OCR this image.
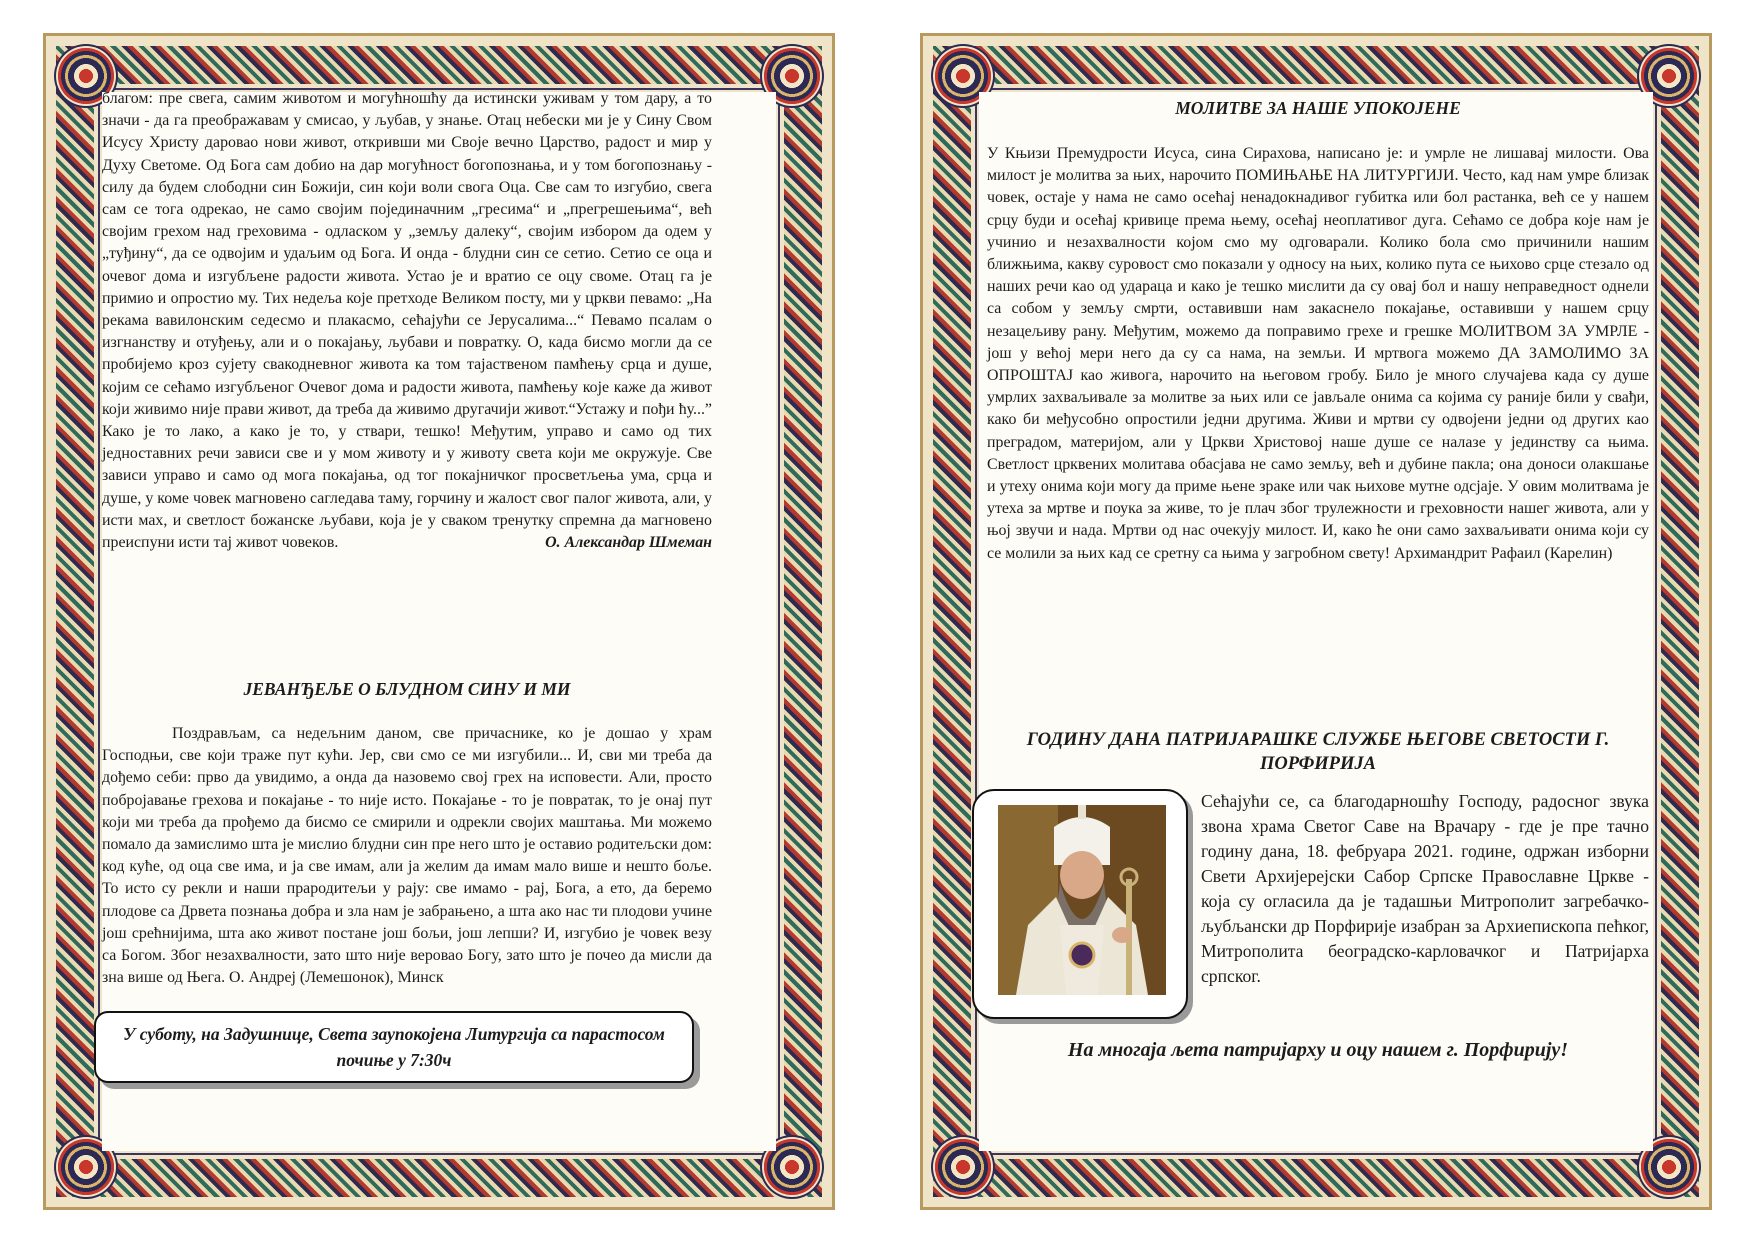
благом: пре свега, самим животом и могућношћу да истински уживам у том дару, а то значи - да га преображавам у смисао, у љубав, у знање. Отац небески ми је у Сину Свом Исусу Христу даровао нови живот, откривши ми Своје вечно Царство, радост и мир у Духу Светоме. Од Бога сам добио на дар могућност богопознања, и у том богопознању - силу да будем слободни син Божији, син који воли свога Оца. Све сам то изгубио, свега сам се тога одрекао, не само својим појединачним „гресима“ и „прегрешењима“, већ својим грехом над греховима - одласком у „земљу далеку“, својим избором да одем у „туђину“, да се одвојим и удаљим од Бога. И онда - блудни син се сетио. Сетио се оца и очевог дома и изгубљене радости живота. Устао је и вратио се оцу своме. Отац га је примио и опростио му. Тих недеља које претходе Великом посту, ми у цркви певамо: „На рекама вавилонским седесмо и плакасмо, сећајући се Јерусалима...“ Певамо псалам о изгнанству и отуђењу, али и о покајању, љубави и повратку. О, када бисмо могли да се пробијемо кроз сујету свакодневног живота ка том тајаственом памћењу срца и душе, којим се сећамо изгубљеног Очевог дома и радости живота, памћењу које каже да живот који живимо није прави живот, да треба да живимо другачији живот.“Устажу и пођи ћу...” Како је то лако, а како је то, у ствари, тешко! Међутим, управо и само од тих једноставних речи зависи све и у мом животу и у животу света који ме окружује. Све зависи управо и само од мога покајања, од тог покајничког просветљења ума, срца и душе, у коме човек магновено сагледава таму, горчину и жалост свог палог живота, али, у исти мах, и светлост божанске љубави, која је у сваком тренутку спремна да магновено преиспуни исти тај живот човеков.	О. Александар Шмеман
ЈЕВАНЂЕЉЕ О БЛУДНОМ СИНУ И МИ
Поздрављам, са недељним даном, све причаснике, ко је дошао у храм Господњи, све који траже пут кући. Јер, сви смо се ми изгубили... И, сви ми треба да дођемо себи: прво да увидимо, а онда да назовемо свој грех на исповести. Али, просто побројавање грехова и покајање - то није исто. Покајање - то је повратак, то је онај пут који ми треба да прођемо да бисмо се смирили и одрекли својих маштања. Ми можемо помало да замислимо шта је мислио блудни син пре него што је оставио родитељски дом: код куће, од оца све има, и ја све имам, али ја желим да имам мало више и нешто боље. То исто су рекли и наши прародитељи у рају: све имамо - рај, Бога, а ето, да беремо плодове са Дрвета познања добра и зла нам је забрањено, а шта ако нас ти плодови учине још срећнијима, шта ако живот постане још бољи, још лепши? И, изгубио је човек везу са Богом. Због незахвалности, зато што није веровао Богу, зато што је почео да мисли да зна више од Њега. О. Андреј (Лемешонок), Минск
У суботу, на Задушнице, Света заупокојена Литургија са парастосом почиње у 7:30ч
МОЛИТВЕ ЗА НАШЕ УПОКОЈЕНЕ
У Књизи Премудрости Исуса, сина Сирахова, написано је: и умрле не лишавај милости. Ова милост је молитва за њих, нарочито ПОМИЊАЊЕ НА ЛИТУРГИЈИ. Често, кад нам умре близак човек, остаје у нама не само осећај ненадокнадивог губитка или бол растанка, већ се у нашем срцу буди и осећај кривице према њему, осећај неоплативог дуга. Сећамо се добра које нам је учинио и незахвалности којом смо му одговарали. Колико бола смо причинили нашим ближњима, какву суровост смо показали у односу на њих, колико пута се њихово срце стезало од наших речи као од удараца и како је тешко мислити да су овај бол и нашу неправедност однели са собом у земљу смрти, оставивши нам закаснело покајање, оставивши у нашем срцу незацељиву рану. Међутим, можемо да поправимо грехе и грешке МОЛИТВОМ ЗА УМРЛЕ - још у већој мери него да су са нама, на земљи. И мртвога можемо ДА ЗАМОЛИМО ЗА ОПРОШТАЈ као живога, нарочито на његовом гробу. Било је много случајева када су душе умрлих захваљивале за молитве за њих или се јављале онима са којима су раније били у свађи, како би међусобно опростили једни другима. Живи и мртви су одвојени једни од других као преградом, материјом, али у Цркви Христовој наше душе се налазе у јединству са њима. Светлост црквених молитава обасјава не само земљу, већ и дубине пакла; она доноси олакшање и утеху онима који могу да приме њене зраке или чак њихове мутне одсјаје. У овим молитвама је утеха за мртве и поука за живе, то је плач због трулежности и греховности нашег живота, али у њој звучи и нада. Мртви од нас очекују милост. И, како ће они само захваљивати онима који су се молили за њих кад се сретну са њима у загробном свету! Архимандрит Рафаил (Карелин)
ГОДИНУ ДАНА ПАТРИЈАРАШКЕ СЛУЖБЕ ЊЕГОВЕ СВЕТОСТИ Г. ПОРФИРИЈА
Сећајући се, са благодарношћу Господу, радосног звука звона храма Светог Саве на Врачару - где је пре тачно годину дана, 18. фебруара 2021. године, одржан изборни Свети Архијерејски Сабор Српске Православне Цркве - која су огласила да је тадашњи Митрополит загребачко-љубљански др Порфирије изабран за Архиепископа пећког, Митрополита београдско-карловачког и Патријарха српског.
На многаја љета патријарху и оцу нашем г. Порфирију!
